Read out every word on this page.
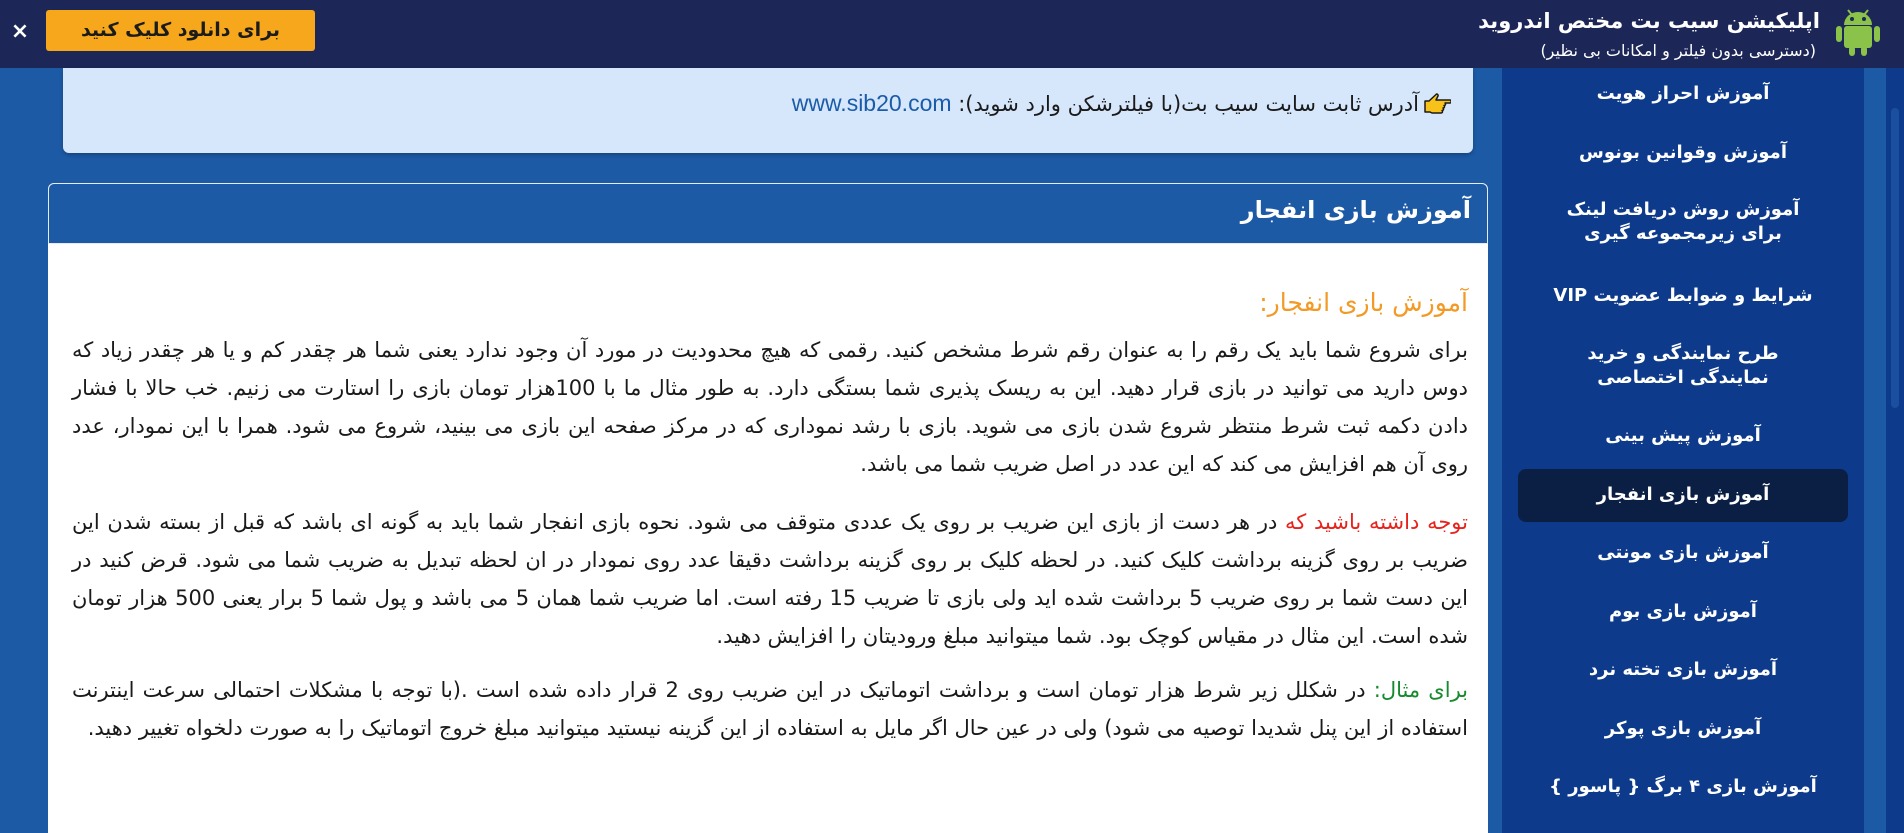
×	برای دانلود کلیک کنید	اپلیکیشن سیب بت مختص اندروید
(دسترسی بدون فیلتر و امکانات بی نظیر)
آدرس ثابت سایت سیب بت(با فیلترشکن وارد شوید): www.sib20.com
آموزش بازی انفجار
آموزش بازی انفجار:

برای شروع شما باید یک رقم را به عنوان رقم شرط مشخص کنید. رقمی که هیچ محدودیت در مورد آن وجود ندارد یعنی شما هر چقدر کم و یا هر چقدر زیاد که دوس دارید می توانید در بازی قرار دهید. این به ریسک پذیری شما بستگی دارد. به طور مثال ما با 100هزار تومان بازی را استارت می زنیم. خب حالا با فشار دادن دکمه ثبت شرط منتظر شروع شدن بازی می شوید. بازی با رشد نموداری که در مرکز صفحه این بازی می بینید، شروع می شود. همرا با این نمودار، عدد روی آن هم افزایش می کند که این عدد در اصل ضریب شما می باشد.

توجه داشته باشید که در هر دست از بازی این ضریب بر روی یک عددی متوقف می شود. نحوه بازی انفجار شما باید به گونه ای باشد که قبل از بسته شدن این ضریب بر روی گزینه برداشت کلیک کنید. در لحظه کلیک بر روی گزینه برداشت دقیقا عدد روی نمودار در ان لحظه تبدیل به ضریب شما می شود. قرض کنید در این دست شما بر روی ضریب 5 برداشت شده اید ولی بازی تا ضریب 15 رفته است. اما ضریب شما همان 5 می باشد و پول شما 5 برار یعنی 500 هزار تومان شده است. این مثال در مقیاس کوچک بود. شما میتوانید مبلغ ورودیتان را افزایش دهید.

برای مثال: در شکلل زیر شرط هزار تومان است و برداشت اتوماتیک در این ضریب روی 2 قرار داده شده است .(با توجه با مشکلات احتمالی سرعت اینترنت استفاده از این پنل شدیدا توصیه می شود) ولی در عین حال اگر مایل به استفاده از این گزینه نیستید میتوانید مبلغ خروج اتوماتیک را به صورت دلخواه تغییر دهید.

آموزش احراز هویت
آموزش وقوانین بونوس
آموزش روش دریافت لینک برای زیرمجموعه گیری
شرایط و ضوابط عضویت VIP
طرح نمایندگی و خرید نمایندگی اختصاصی
آموزش پیش بینی
آموزش بازی انفجار
آموزش بازی مونتی
آموزش بازی بوم
آموزش بازی تخته نرد
آموزش بازی پوکر
آموزش بازی ۴ برگ { پاسور }
